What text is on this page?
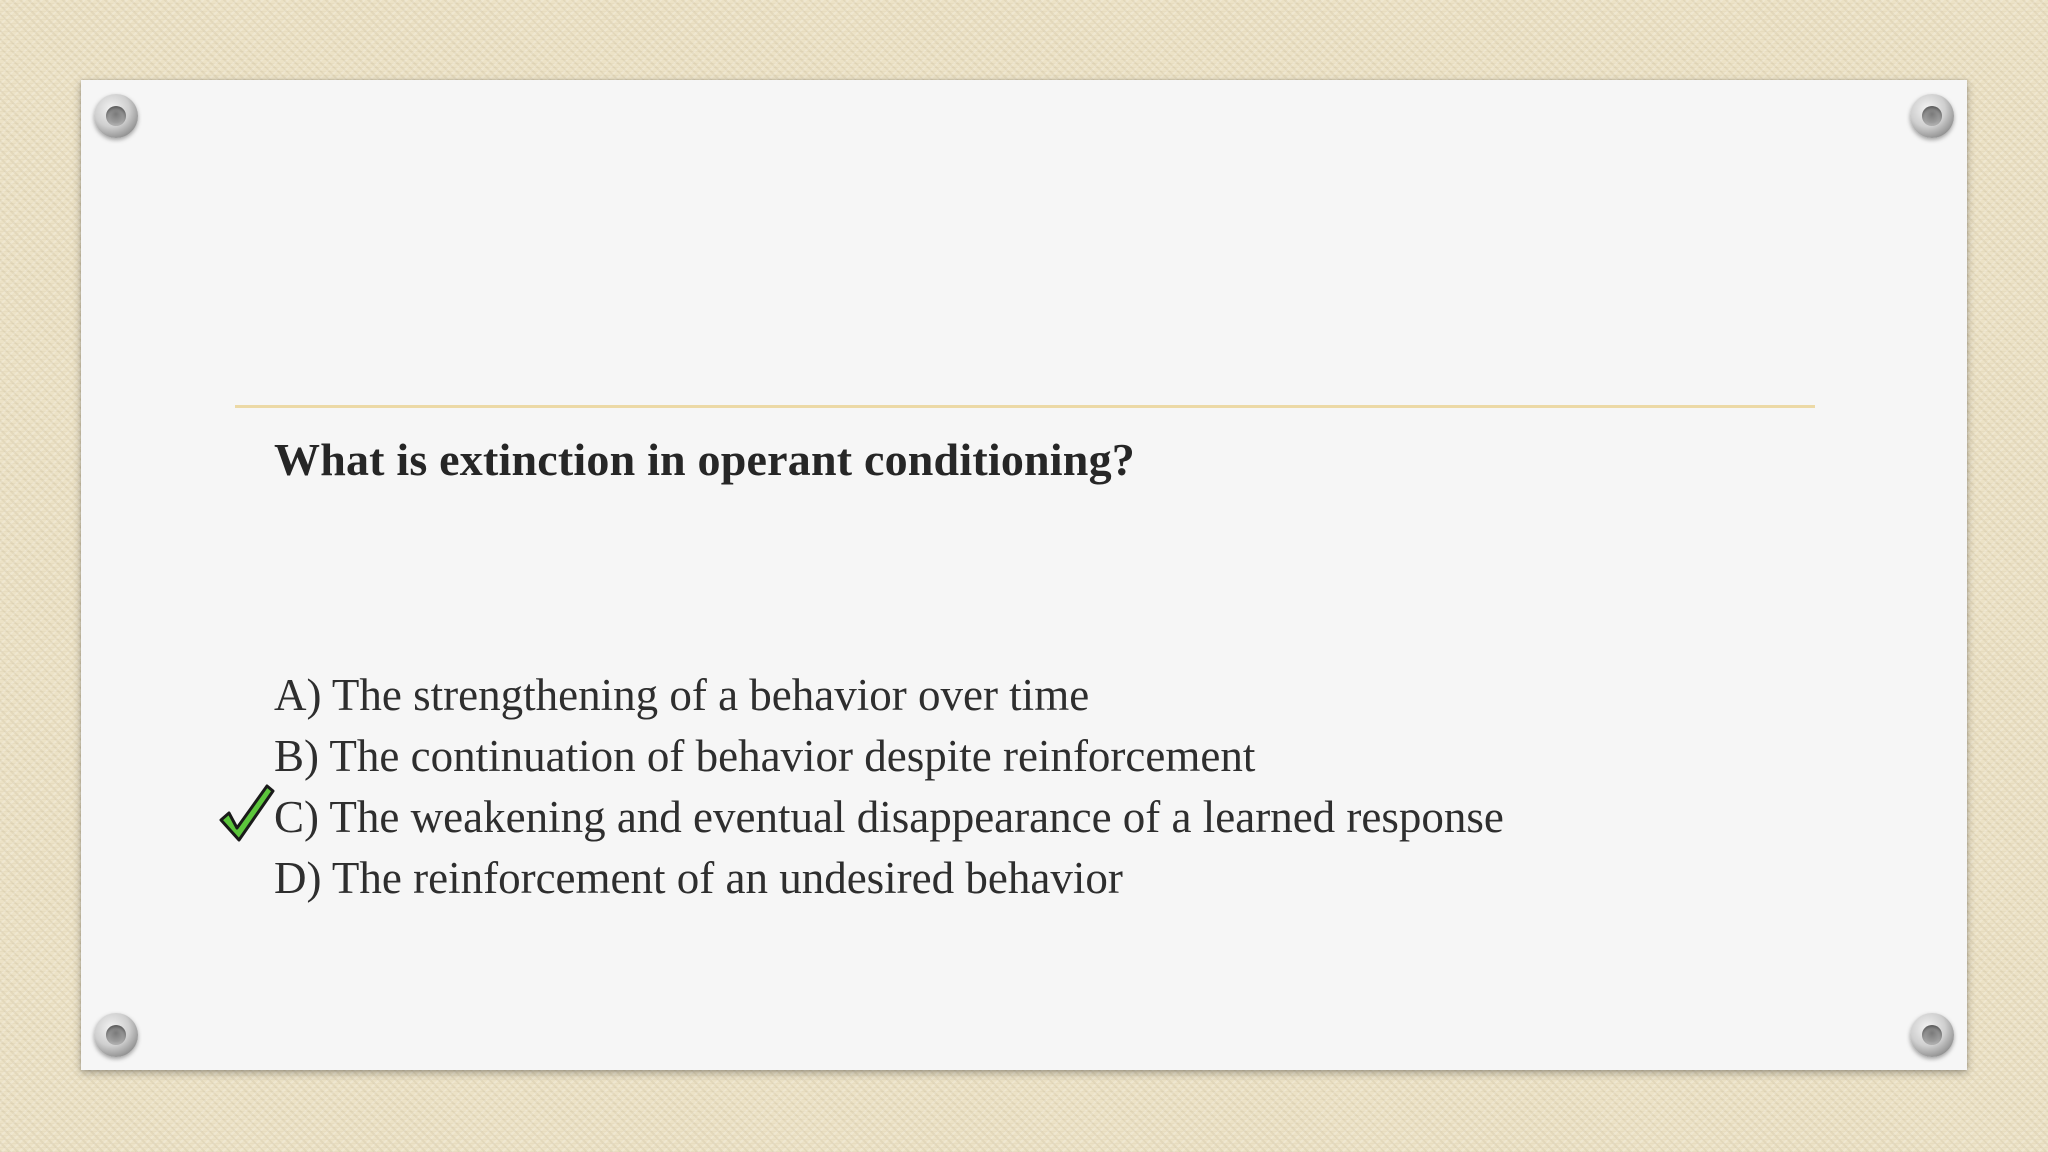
What is extinction in operant conditioning?
A) The strengthening of a behavior over time
B) The continuation of behavior despite reinforcement
C) The weakening and eventual disappearance of a learned response
D) The reinforcement of an undesired behavior
